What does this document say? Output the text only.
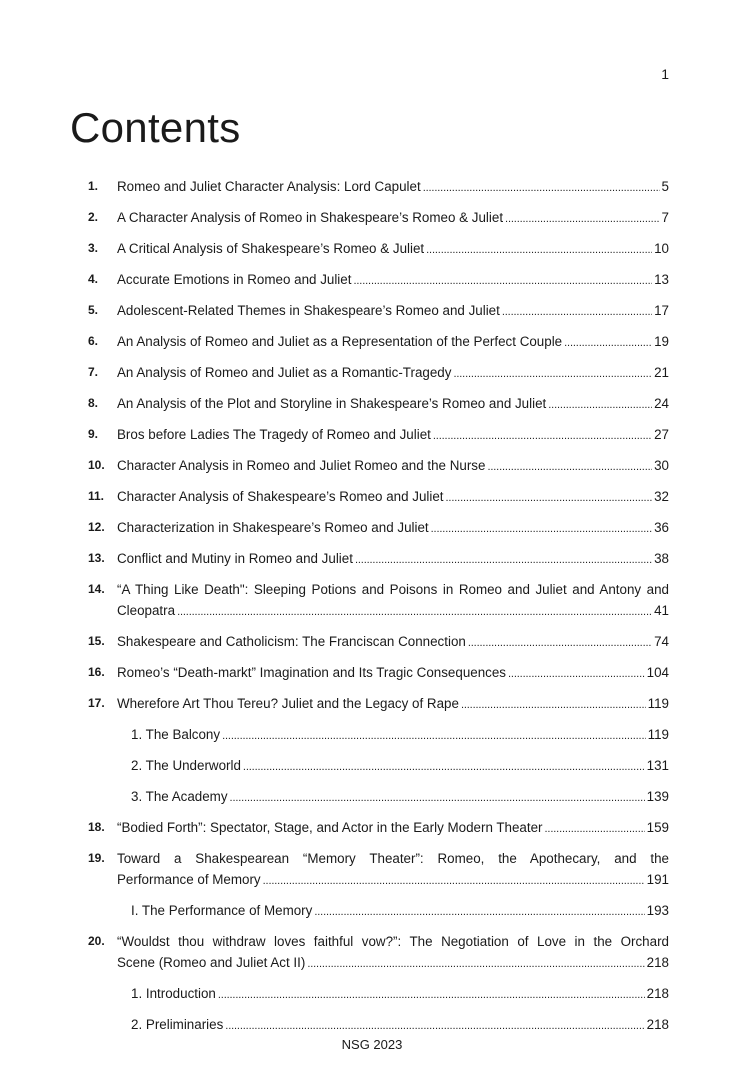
1
Contents
1. Romeo and Juliet Character Analysis: Lord Capulet . . .	5
2. A Character Analysis of Romeo in Shakespeare’s Romeo & Juliet . . .	7
3. A Critical Analysis of Shakespeare’s Romeo & Juliet . . .	10
4. Accurate Emotions in Romeo and Juliet . . .	13
5. Adolescent-Related Themes in Shakespeare’s Romeo and Juliet . . .	17
6. An Analysis of Romeo and Juliet as a Representation of the Perfect Couple . . .	19
7. An Analysis of Romeo and Juliet as a Romantic-Tragedy . . .	21
8. An Analysis of the Plot and Storyline in Shakespeare’s Romeo and Juliet . . .	24
9. Bros before Ladies The Tragedy of Romeo and Juliet . . .	27
10. Character Analysis in Romeo and Juliet Romeo and the Nurse . . .	30
11. Character Analysis of Shakespeare’s Romeo and Juliet . . .	32
12. Characterization in Shakespeare’s Romeo and Juliet . . .	36
13. Conflict and Mutiny in Romeo and Juliet . . .	38
14. “A Thing Like Death": Sleeping Potions and Poisons in Romeo and Juliet and Antony and
Cleopatra . . .	41
15. Shakespeare and Catholicism: The Franciscan Connection . . .	74
16. Romeo’s “Death-markt” Imagination and Its Tragic Consequences . . .	104
17. Wherefore Art Thou Tereu? Juliet and the Legacy of Rape . . .	119
1. The Balcony . . .	119
2. The Underworld . . .	131
3. The Academy . . .	139
18. “Bodied Forth”: Spectator, Stage, and Actor in the Early Modern Theater . . .	159
19. Toward a Shakespearean “Memory Theater”: Romeo, the Apothecary, and the
Performance of Memory . . .	191
I. The Performance of Memory . . .	193
20. “Wouldst thou withdraw loves faithful vow?”: The Negotiation of Love in the Orchard
Scene (Romeo and Juliet Act II) . . .	218
1. Introduction . . .	218
2. Preliminaries . . .	218
NSG 2023
